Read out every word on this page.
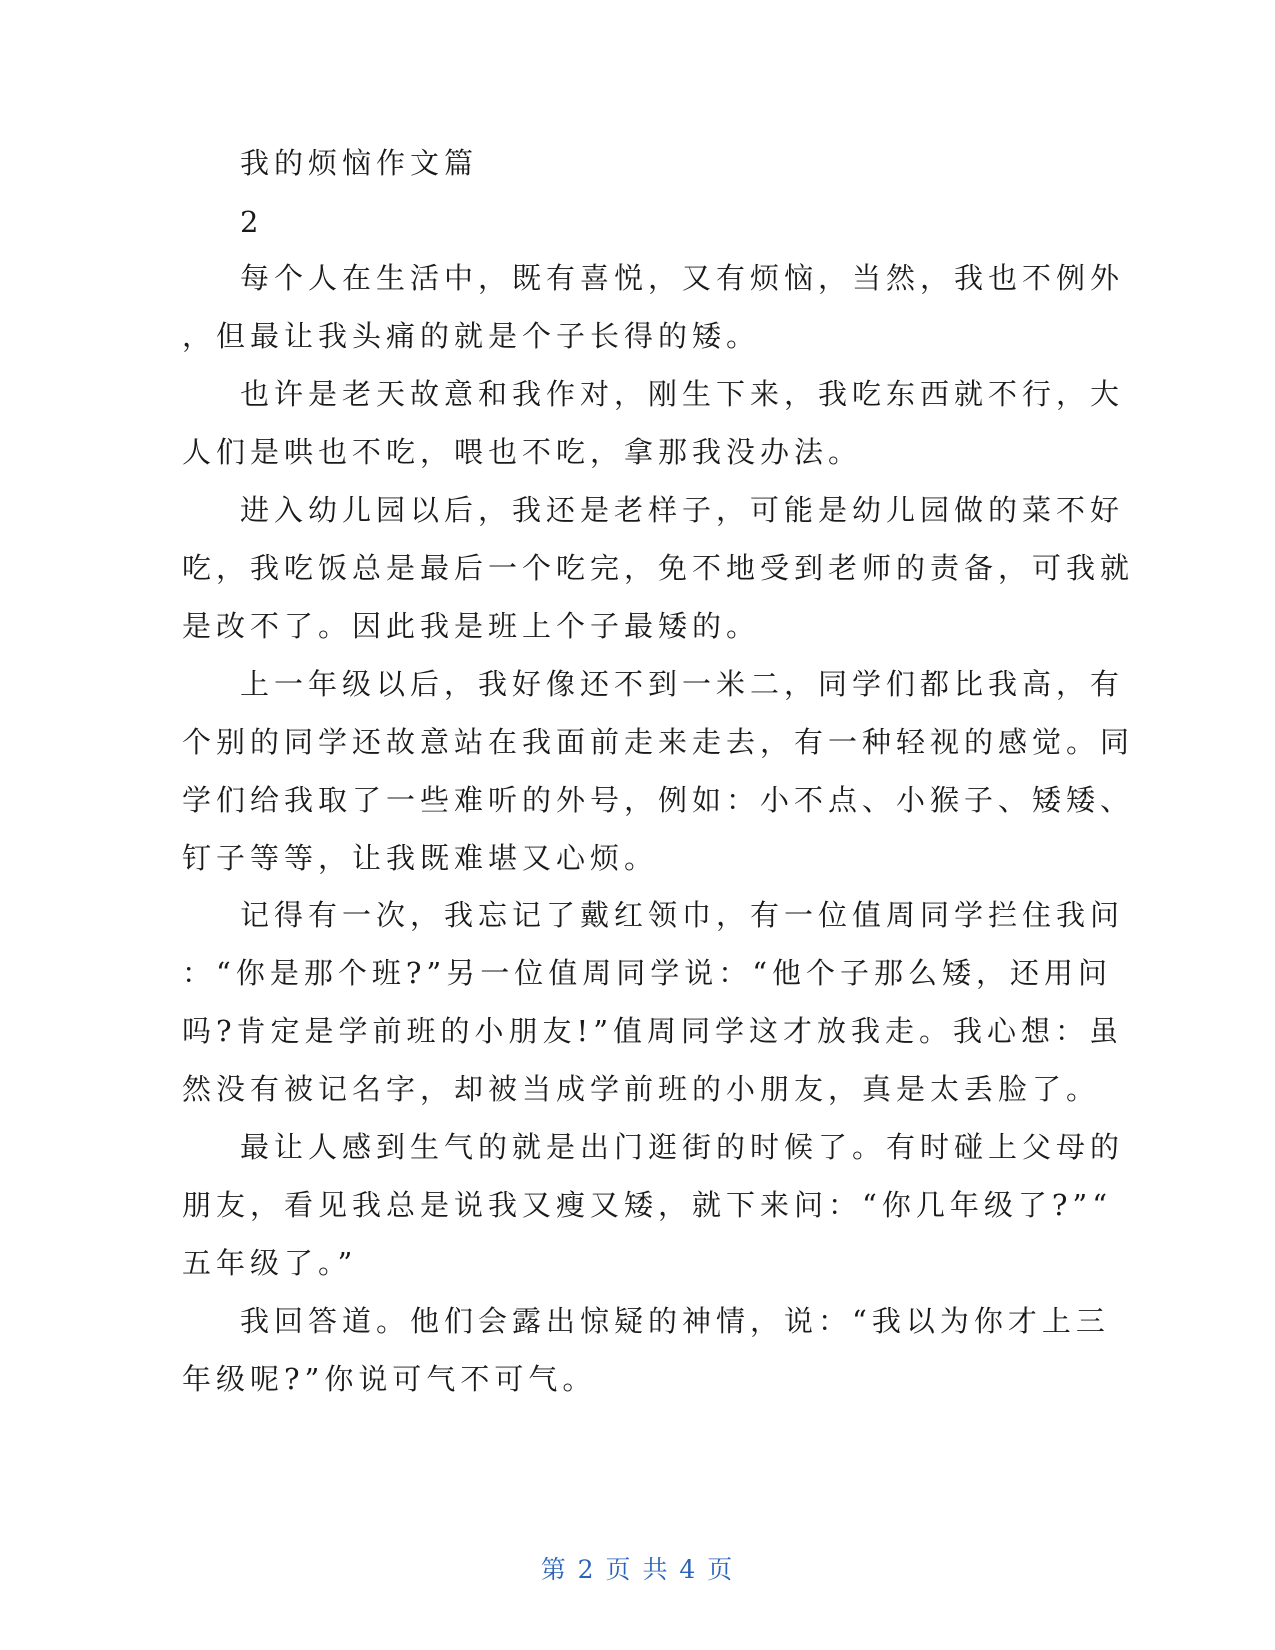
我的烦恼作文篇
2
每个人在生活中，既有喜悦，又有烦恼，当然，我也不例外
，但最让我头痛的就是个子长得的矮。
也许是老天故意和我作对，刚生下来，我吃东西就不行，大
人们是哄也不吃，喂也不吃，拿那我没办法。
进入幼儿园以后，我还是老样子，可能是幼儿园做的菜不好
吃，我吃饭总是最后一个吃完，免不地受到老师的责备，可我就
是改不了。因此我是班上个子最矮的。
上一年级以后，我好像还不到一米二，同学们都比我高，有
个别的同学还故意站在我面前走来走去，有一种轻视的感觉。同
学们给我取了一些难听的外号，例如：小不点、小猴子、矮矮、
钉子等等，让我既难堪又心烦。
记得有一次，我忘记了戴红领巾，有一位值周同学拦住我问
：“你是那个班?”另一位值周同学说：“他个子那么矮，还用问
吗?肯定是学前班的小朋友!”值周同学这才放我走。我心想：虽
然没有被记名字，却被当成学前班的小朋友，真是太丢脸了。
最让人感到生气的就是出门逛街的时候了。有时碰上父母的
朋友，看见我总是说我又瘦又矮，就下来问：“你几年级了?”“
五年级了。”
我回答道。他们会露出惊疑的神情，说：“我以为你才上三
年级呢?”你说可气不可气。
第 2 页 共 4 页
